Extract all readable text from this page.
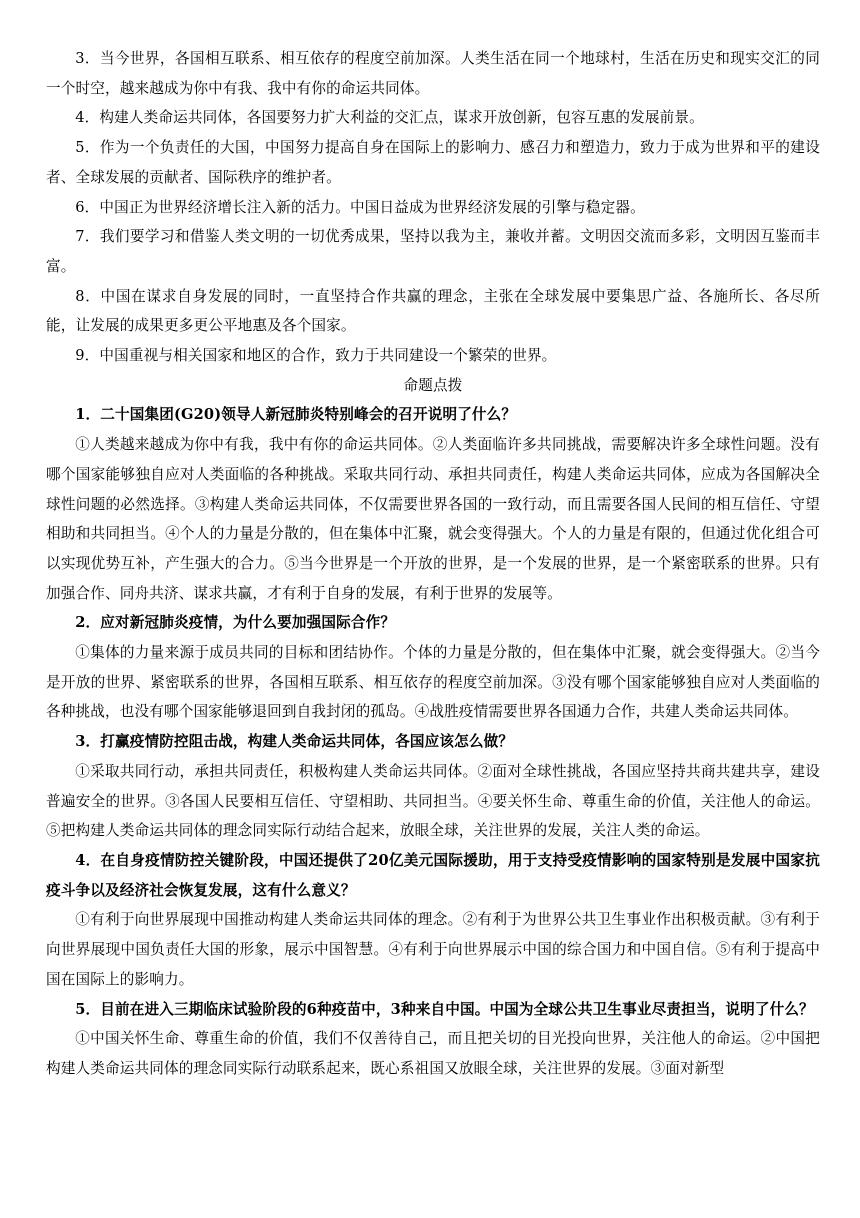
3．当今世界，各国相互联系、相互依存的程度空前加深。人类生活在同一个地球村，生活在历史和现实交汇的同一个时空，越来越成为你中有我、我中有你的命运共同体。

4．构建人类命运共同体，各国要努力扩大利益的交汇点，谋求开放创新，包容互惠的发展前景。

5．作为一个负责任的大国，中国努力提高自身在国际上的影响力、感召力和塑造力，致力于成为世界和平的建设者、全球发展的贡献者、国际秩序的维护者。

6．中国正为世界经济增长注入新的活力。中国日益成为世界经济发展的引擎与稳定器。

7．我们要学习和借鉴人类文明的一切优秀成果，坚持以我为主，兼收并蓄。文明因交流而多彩，文明因互鉴而丰富。

8．中国在谋求自身发展的同时，一直坚持合作共赢的理念，主张在全球发展中要集思广益、各施所长、各尽所能，让发展的成果更多更公平地惠及各个国家。

9．中国重视与相关国家和地区的合作，致力于共同建设一个繁荣的世界。

命题点拨

1．二十国集团(G20)领导人新冠肺炎特别峰会的召开说明了什么？

①人类越来越成为你中有我，我中有你的命运共同体。②人类面临许多共同挑战，需要解决许多全球性问题。没有哪个国家能够独自应对人类面临的各种挑战。采取共同行动、承担共同责任，构建人类命运共同体，应成为各国解决全球性问题的必然选择。③构建人类命运共同体，不仅需要世界各国的一致行动，而且需要各国人民间的相互信任、守望相助和共同担当。④个人的力量是分散的，但在集体中汇聚，就会变得强大。个人的力量是有限的，但通过优化组合可以实现优势互补，产生强大的合力。⑤当今世界是一个开放的世界，是一个发展的世界，是一个紧密联系的世界。只有加强合作、同舟共济、谋求共赢，才有利于自身的发展，有利于世界的发展等。

2．应对新冠肺炎疫情，为什么要加强国际合作？

①集体的力量来源于成员共同的目标和团结协作。个体的力量是分散的，但在集体中汇聚，就会变得强大。②当今是开放的世界、紧密联系的世界，各国相互联系、相互依存的程度空前加深。③没有哪个国家能够独自应对人类面临的各种挑战，也没有哪个国家能够退回到自我封闭的孤岛。④战胜疫情需要世界各国通力合作，共建人类命运共同体。

3．打赢疫情防控阻击战，构建人类命运共同体，各国应该怎么做？

①采取共同行动，承担共同责任，积极构建人类命运共同体。②面对全球性挑战，各国应坚持共商共建共享，建设普遍安全的世界。③各国人民要相互信任、守望相助、共同担当。④要关怀生命、尊重生命的价值，关注他人的命运。⑤把构建人类命运共同体的理念同实际行动结合起来，放眼全球，关注世界的发展，关注人类的命运。

4．在自身疫情防控关键阶段，中国还提供了20亿美元国际援助，用于支持受疫情影响的国家特别是发展中国家抗疫斗争以及经济社会恢复发展，这有什么意义？

①有利于向世界展现中国推动构建人类命运共同体的理念。②有利于为世界公共卫生事业作出积极贡献。③有利于向世界展现中国负责任大国的形象，展示中国智慧。④有利于向世界展示中国的综合国力和中国自信。⑤有利于提高中国在国际上的影响力。

5．目前在进入三期临床试验阶段的6种疫苗中，3种来自中国。中国为全球公共卫生事业尽责担当，说明了什么？

①中国关怀生命、尊重生命的价值，我们不仅善待自己，而且把关切的目光投向世界，关注他人的命运。②中国把构建人类命运共同体的理念同实际行动联系起来，既心系祖国又放眼全球，关注世界的发展。③面对新型
